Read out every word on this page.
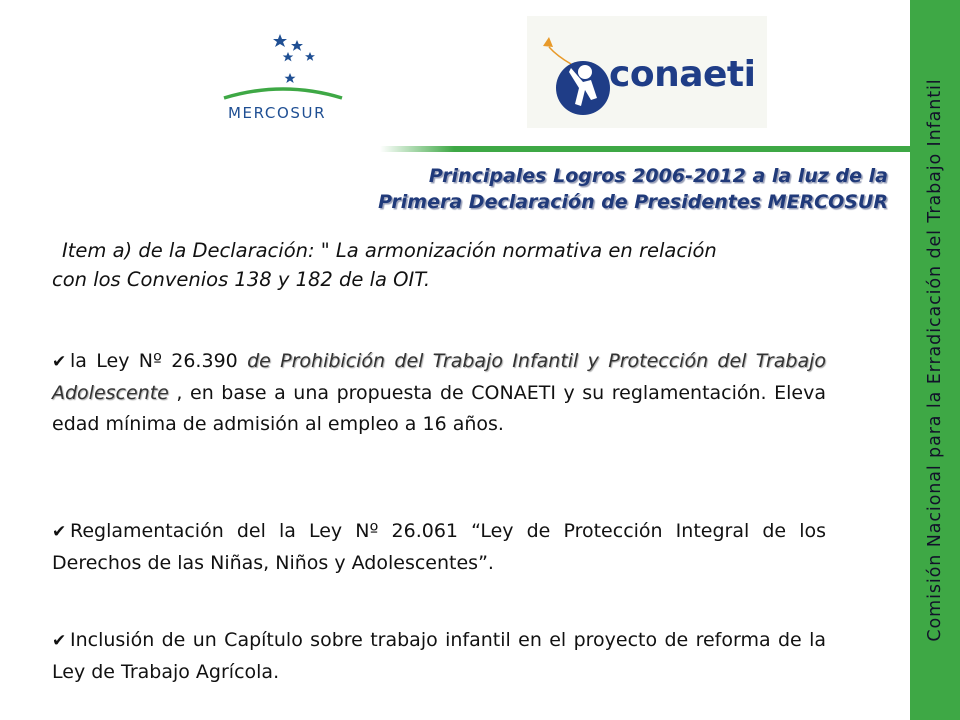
Comisión Nacional para la Erradicación del Trabajo Infantil
MERCOSUR
conaeti
Principales Logros 2006-2012 a la luz de la
Primera Declaración de Presidentes MERCOSUR
Item a) de la Declaración: " La armonización normativa en relación
con los Convenios 138 y 182 de la OIT.
✔ la Ley Nº 26.390 de Prohibición del Trabajo Infantil y Protección del Trabajo Adolescente , en base a una propuesta de CONAETI y su reglamentación. Eleva edad mínima de admisión al empleo a 16 años.
✔ Reglamentación del la Ley Nº 26.061 “Ley de Protección Integral de los Derechos de las Niñas, Niños y Adolescentes”.
✔ Inclusión de un Capítulo sobre trabajo infantil en el proyecto de reforma de la Ley de Trabajo Agrícola.
